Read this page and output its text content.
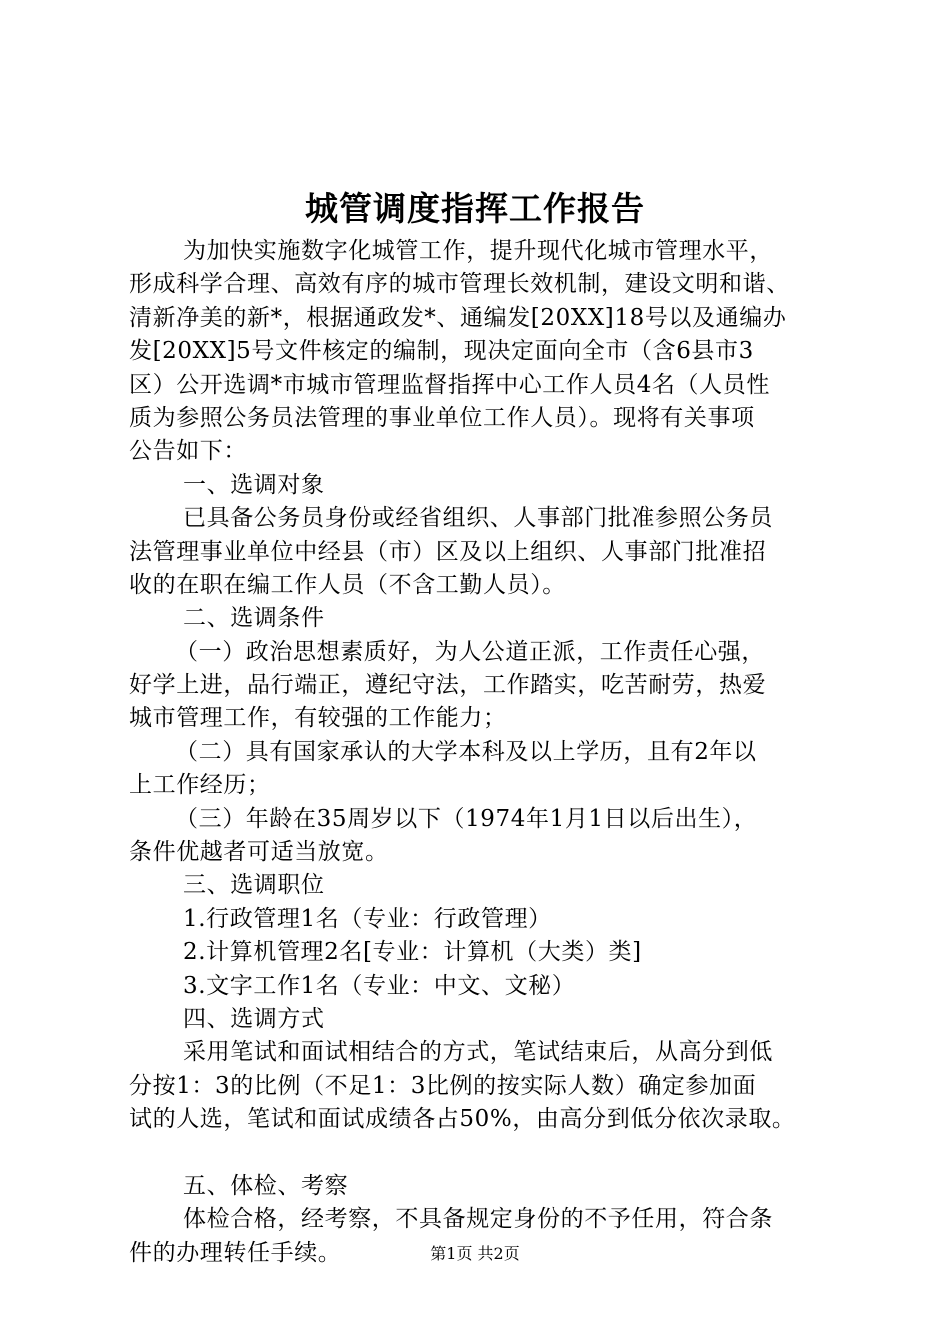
城管调度指挥工作报告
为加快实施数字化城管工作，提升现代化城市管理水平，
形成科学合理、高效有序的城市管理长效机制，建设文明和谐、
清新净美的新*，根据通政发*、通编发[20XX]18号以及通编办
发[20XX]5号文件核定的编制，现决定面向全市（含6县市3
区）公开选调*市城市管理监督指挥中心工作人员4名（人员性
质为参照公务员法管理的事业单位工作人员）。现将有关事项
公告如下：
一、选调对象
已具备公务员身份或经省组织、人事部门批准参照公务员
法管理事业单位中经县（市）区及以上组织、人事部门批准招
收的在职在编工作人员（不含工勤人员）。
二、选调条件
（一）政治思想素质好，为人公道正派，工作责任心强，
好学上进，品行端正，遵纪守法，工作踏实，吃苦耐劳，热爱
城市管理工作，有较强的工作能力；
（二）具有国家承认的大学本科及以上学历，且有2年以
上工作经历；
（三）年龄在35周岁以下（1974年1月1日以后出生），
条件优越者可适当放宽。
三、选调职位
1.行政管理1名（专业：行政管理）
2.计算机管理2名[专业：计算机（大类）类]
3.文字工作1名（专业：中文、文秘）
四、选调方式
采用笔试和面试相结合的方式，笔试结束后，从高分到低
分按1：3的比例（不足1：3比例的按实际人数）确定参加面
试的人选，笔试和面试成绩各占50%，由高分到低分依次录取。
五、体检、考察
体检合格，经考察，不具备规定身份的不予任用，符合条
件的办理转任手续。	第1页 共2页
